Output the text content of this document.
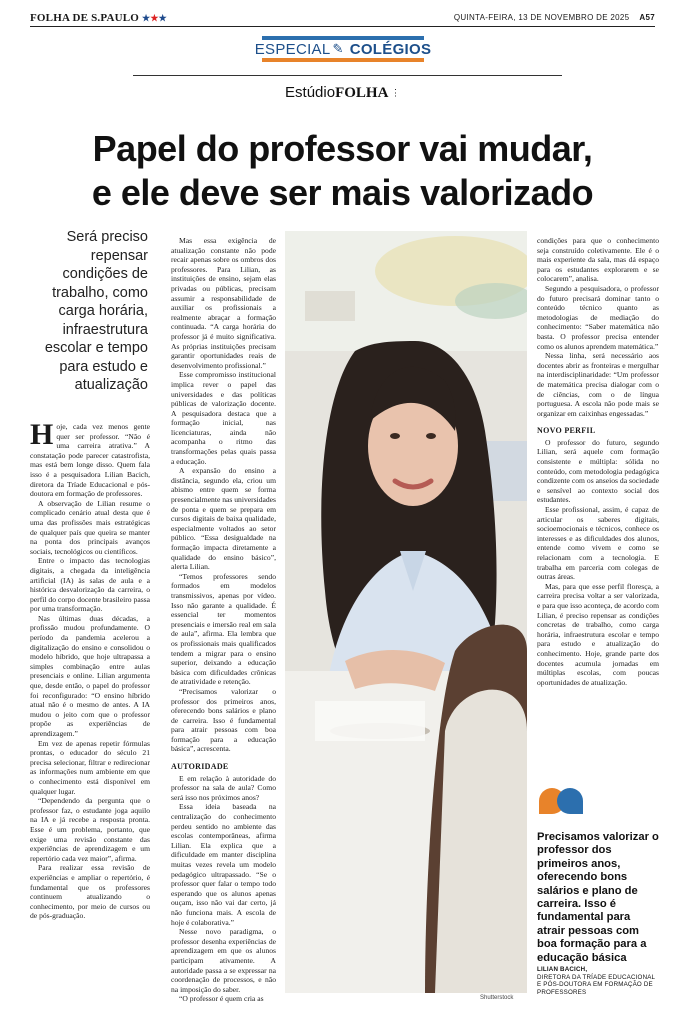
FOLHA DE S.PAULO ★★★	QUINTA-FEIRA, 13 DE NOVEMBRO DE 2025 A57
ESPECIAL ✎ COLÉGIOS
EstúdioFOLHA ⋮
Papel do professor vai mudar,
e ele deve ser mais valorizado
Será preciso repensar condições de trabalho, como carga horária, infraestrutura escolar e tempo para estudo e atualização

Hoje, cada vez menos gente quer ser professor. “Não é uma carreira atrativa.” A constatação pode parecer catastrofista, mas está bem longe disso. Quem fala isso é a pesquisadora Lilian Bacich, diretora da Tríade Educacional e pós-doutora em formação de professores.

A observação de Lilian resume o complicado cenário atual desta que é uma das profissões mais estratégicas de qualquer país que queira se manter na ponta dos principais avanços sociais, tecnológicos ou científicos.

Entre o impacto das tecnologias digitais, a chegada da inteligência artificial (IA) às salas de aula e a histórica desvalorização da carreira, o perfil do corpo docente brasileiro passa por uma transformação.

Nas últimas duas décadas, a profissão mudou profundamente. O período da pandemia acelerou a digitalização do ensino e consolidou o modelo híbrido, que hoje ultrapassa a simples combinação entre aulas presenciais e online. Lilian argumenta que, desde então, o papel do professor foi reconfigurado: “O ensino híbrido atual não é o mesmo de antes. A IA mudou o jeito com que o professor propõe as experiências de aprendizagem.”

Em vez de apenas repetir fórmulas prontas, o educador do século 21 precisa selecionar, filtrar e redirecionar as informações num ambiente em que o conhecimento está disponível em qualquer lugar.

“Dependendo da pergunta que o professor faz, o estudante joga aquilo na IA e já recebe a resposta pronta. Esse é um problema, portanto, que exige uma revisão constante das experiências de aprendizagem e um repertório cada vez maior”, afirma.

Para realizar essa revisão de experiências e ampliar o repertório, é fundamental que os professores continuem atualizando o conhecimento, por meio de cursos ou de pós-graduação.

Mas essa exigência de atualização constante não pode recair apenas sobre os ombros dos professores. Para Lilian, as instituições de ensino, sejam elas privadas ou públicas, precisam assumir a responsabilidade de auxiliar os profissionais a realmente abraçar a formação continuada. “A carga horária do professor já é muito significativa. As próprias instituições precisam garantir oportunidades reais de desenvolvimento profissional.”

Esse compromisso institucional implica rever o papel das universidades e das políticas públicas de valorização docente. A pesquisadora destaca que a formação inicial, nas licenciaturas, ainda não acompanha o ritmo das transformações pelas quais passa a educação.

A expansão do ensino a distância, segundo ela, criou um abismo entre quem se forma presencialmente nas universidades de ponta e quem se prepara em cursos digitais de baixa qualidade, especialmente voltados ao setor público. “Essa desigualdade na formação impacta diretamente a qualidade do ensino básico”, alerta Lilian.

“Temos professores sendo formados em modelos transmissivos, apenas por vídeo. Isso não garante a qualidade. É essencial ter momentos presenciais e imersão real em sala de aula”, afirma. Ela lembra que os profissionais mais qualificados tendem a migrar para o ensino superior, deixando a educação básica com dificuldades crônicas de atratividade e retenção.

“Precisamos valorizar o professor dos primeiros anos, oferecendo bons salários e plano de carreira. Isso é fundamental para atrair pessoas com boa formação para a educação básica”, acrescenta.

AUTORIDADE

E em relação à autoridade do professor na sala de aula? Como será isso nos próximos anos?

Essa ideia baseada na centralização do conhecimento perdeu sentido no ambiente das escolas contemporâneas, afirma Lilian. Ela explica que a dificuldade em manter disciplina muitas vezes revela um modelo pedagógico ultrapassado. “Se o professor quer falar o tempo todo esperando que os alunos apenas ouçam, isso não vai dar certo, já não funciona mais. A escola de hoje é colaborativa.”

Nesse novo paradigma, o professor desenha experiências de aprendizagem em que os alunos participam ativamente. A autoridade passa a se expressar na coordenação de processos, e não na imposição do saber.

“O professor é quem cria as	Shutterstock

condições para que o conhecimento seja construído coletivamente. Ele é o mais experiente da sala, mas dá espaço para os estudantes explorarem e se colocarem”, analisa.

Segundo a pesquisadora, o professor do futuro precisará dominar tanto o conteúdo técnico quanto as metodologias de mediação do conhecimento: “Saber matemática não basta. O professor precisa entender como os alunos aprendem matemática.”

Nessa linha, será necessário aos docentes abrir as fronteiras e mergulhar na interdisciplinaridade: “Um professor de matemática precisa dialogar com o de ciências, com o de língua portuguesa. A escola não pode mais se organizar em caixinhas engessadas.”

NOVO PERFIL

O professor do futuro, segundo Lilian, será aquele com formação consistente e múltipla: sólida no conteúdo, com metodologia pedagógica condizente com os anseios da sociedade e sensível ao contexto social dos estudantes.

Esse profissional, assim, é capaz de articular os saberes digitais, socioemocionais e técnicos, conhece os interesses e as dificuldades dos alunos, entende como vivem e como se relacionam com a tecnologia. E trabalha em parceria com colegas de outras áreas.

Mas, para que esse perfil floresça, a carreira precisa voltar a ser valorizada, e para que isso aconteça, de acordo com Lilian, é preciso repensar as condições concretas de trabalho, como carga horária, infraestrutura escolar e tempo para estudo e atualização do conhecimento. Hoje, grande parte dos docentes acumula jornadas em múltiplas escolas, com poucas oportunidades de atualização.

Precisamos valorizar o professor dos primeiros anos, oferecendo bons salários e plano de carreira. Isso é fundamental para atrair pessoas com boa formação para a educação básica
LILIAN BACICH,
DIRETORA DA TRÍADE EDUCACIONAL E PÓS-DOUTORA EM FORMAÇÃO DE PROFESSORES
